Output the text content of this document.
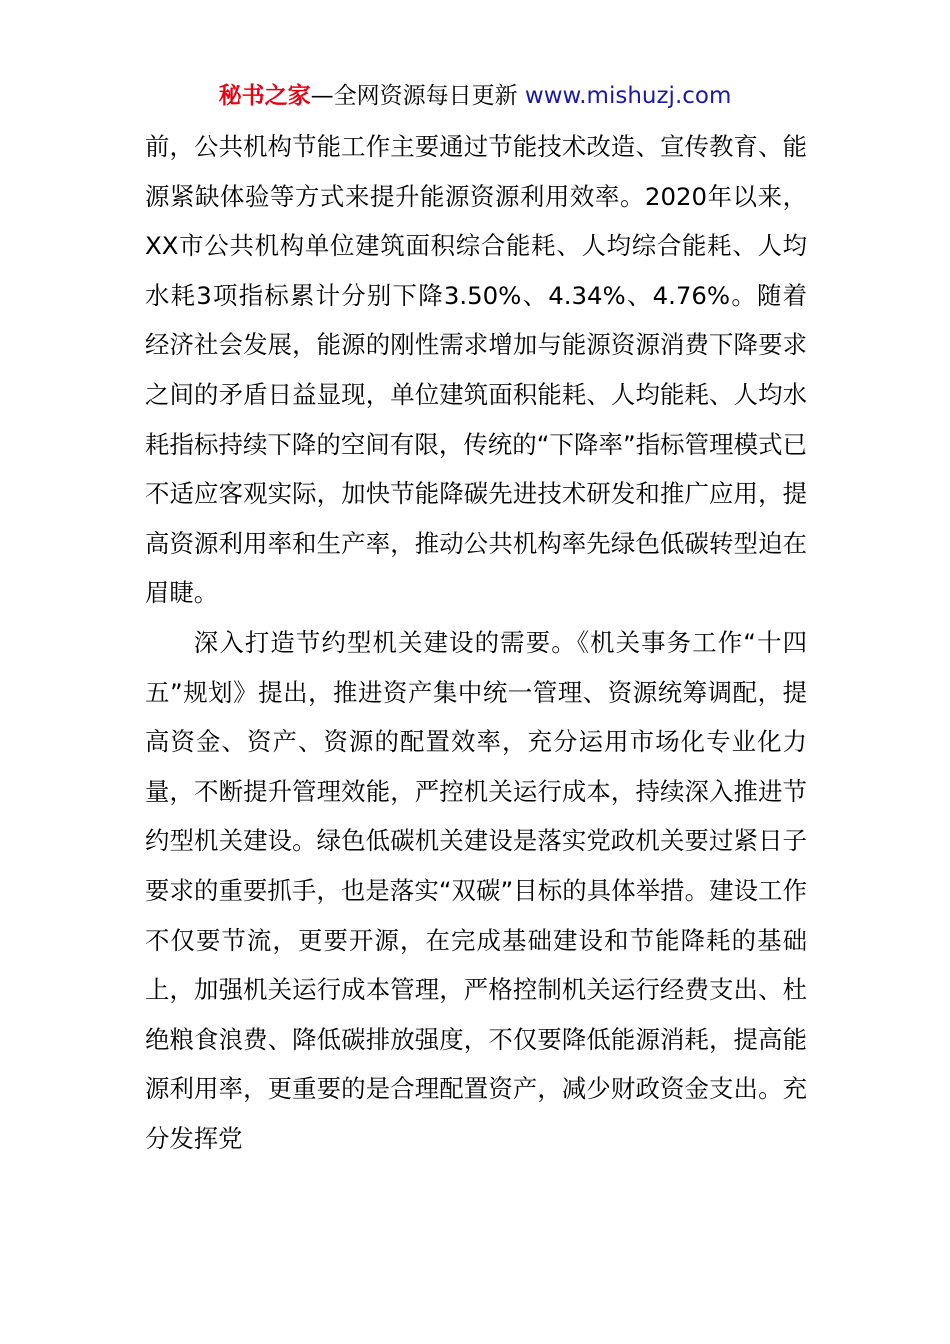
秘书之家—全网资源每日更新 www.mishuzj.com

前，公共机构节能工作主要通过节能技术改造、宣传教育、能源紧缺体验等方式来提升能源资源利用效率。2020年以来，XX市公共机构单位建筑面积综合能耗、人均综合能耗、人均水耗3项指标累计分别下降3.50%、4.34%、4.76%。随着经济社会发展，能源的刚性需求增加与能源资源消费下降要求之间的矛盾日益显现，单位建筑面积能耗、人均能耗、人均水耗指标持续下降的空间有限，传统的“下降率”指标管理模式已不适应客观实际，加快节能降碳先进技术研发和推广应用，提高资源利用率和生产率，推动公共机构率先绿色低碳转型迫在眉睫。

深入打造节约型机关建设的需要。《机关事务工作“十四五”规划》提出，推进资产集中统一管理、资源统筹调配，提高资金、资产、资源的配置效率，充分运用市场化专业化力量，不断提升管理效能，严控机关运行成本，持续深入推进节约型机关建设。绿色低碳机关建设是落实党政机关要过紧日子要求的重要抓手，也是落实“双碳”目标的具体举措。建设工作不仅要节流，更要开源，在完成基础建设和节能降耗的基础上，加强机关运行成本管理，严格控制机关运行经费支出、杜绝粮食浪费、降低碳排放强度，不仅要降低能源消耗，提高能源利用率，更重要的是合理配置资产，减少财政资金支出。充分发挥党
